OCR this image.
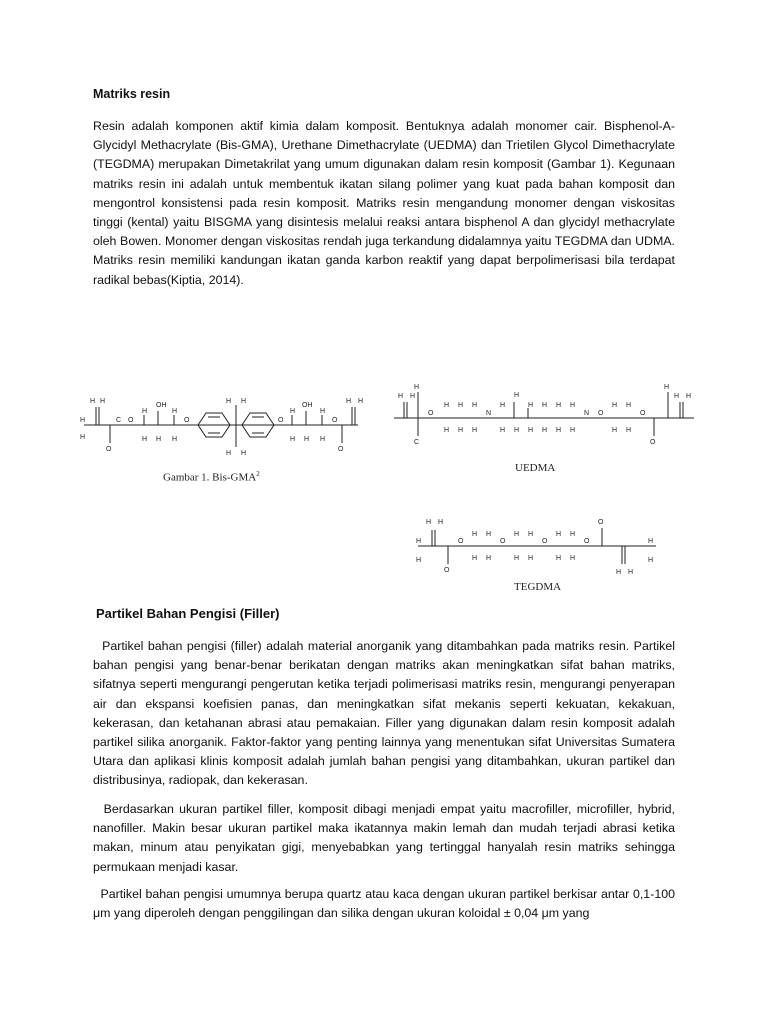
Matriks resin

Resin adalah komponen aktif kimia dalam komposit. Bentuknya adalah monomer cair. Bisphenol-A-Glycidyl Methacrylate (Bis-GMA), Urethane Dimethacrylate (UEDMA) dan Trietilen Glycol Dimethacrylate (TEGDMA) merupakan Dimetakrilat yang umum digunakan dalam resin komposit (Gambar 1). Kegunaan matriks resin ini adalah untuk membentuk ikatan silang polimer yang kuat pada bahan komposit dan mengontrol konsistensi pada resin komposit. Matriks resin mengandung monomer dengan viskositas tinggi (kental) yaitu BISGMA yang disintesis melalui reaksi antara bisphenol A dan glycidyl methacrylate oleh Bowen. Monomer dengan viskositas rendah juga terkandung didalamnya yaitu TEGDMA dan UDMA. Matriks resin memiliki kandungan ikatan ganda karbon reaktif yang dapat berpolimerisasi bila terdapat radikal bebas(Kiptia, 2014).

H H
H
H
O
C O
H
OH
H
H H H
O
H H
H H
O
H
OH
H
H H H
O
O
H H
Gambar 1. Bis-GMA$^2$
H H
H
C
O
H
H
H
H
H
H
N
H
H
H
H
H
H
H
H
H
H
H
H
N O
H
H
H
H
O
O
H
H H
UEDMA
H H
H
H
O
O
H
H
H
H
O
H
H
H
H
O
H
H
H
H
O
O
H H
H
H
TEGDMA
Partikel Bahan Pengisi (Filler)

Partikel bahan pengisi (filler) adalah material anorganik yang ditambahkan pada matriks resin. Partikel bahan pengisi yang benar-benar berikatan dengan matriks akan meningkatkan sifat bahan matriks, sifatnya seperti mengurangi pengerutan ketika terjadi polimerisasi matriks resin, mengurangi penyerapan air dan ekspansi koefisien panas, dan meningkatkan sifat mekanis seperti kekuatan, kekakuan, kekerasan, dan ketahanan abrasi atau pemakaian. Filler yang digunakan dalam resin komposit adalah partikel silika anorganik. Faktor-faktor yang penting lainnya yang menentukan sifat Universitas Sumatera Utara dan aplikasi klinis komposit adalah jumlah bahan pengisi yang ditambahkan, ukuran partikel dan distribusinya, radiopak, dan kekerasan.

Berdasarkan ukuran partikel filler, komposit dibagi menjadi empat yaitu macrofiller, microfiller, hybrid, nanofiller. Makin besar ukuran partikel maka ikatannya makin lemah dan mudah terjadi abrasi ketika makan, minum atau penyikatan gigi, menyebabkan yang tertinggal hanyalah resin matriks sehingga permukaan menjadi kasar.

Partikel bahan pengisi umumnya berupa quartz atau kaca dengan ukuran partikel berkisar antar 0,1-100 μm yang diperoleh dengan penggilingan dan silika dengan ukuran koloidal ± 0,04 μm yang
